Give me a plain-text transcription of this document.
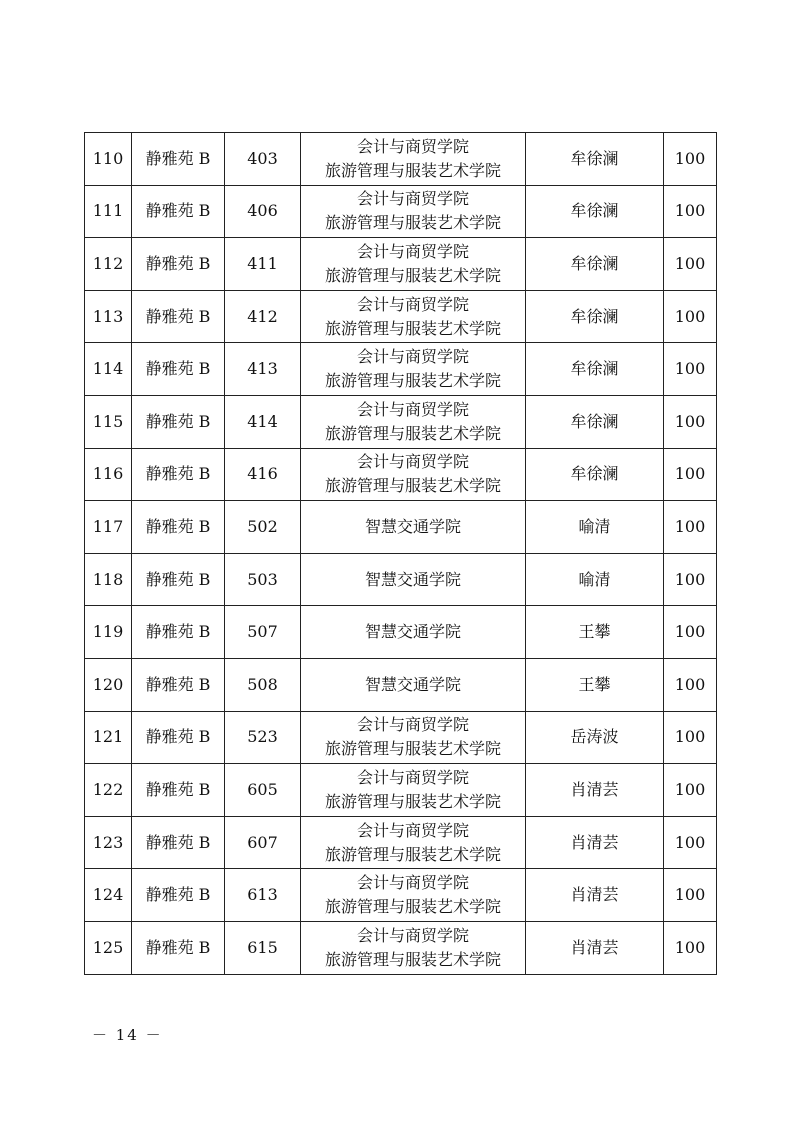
110	静雅苑 B	403	会计与商贸学院
旅游管理与服装艺术学院	牟徐澜	100
111	静雅苑 B	406	会计与商贸学院
旅游管理与服装艺术学院	牟徐澜	100
112	静雅苑 B	411	会计与商贸学院
旅游管理与服装艺术学院	牟徐澜	100
113	静雅苑 B	412	会计与商贸学院
旅游管理与服装艺术学院	牟徐澜	100
114	静雅苑 B	413	会计与商贸学院
旅游管理与服装艺术学院	牟徐澜	100
115	静雅苑 B	414	会计与商贸学院
旅游管理与服装艺术学院	牟徐澜	100
116	静雅苑 B	416	会计与商贸学院
旅游管理与服装艺术学院	牟徐澜	100
117	静雅苑 B	502	智慧交通学院	喻清	100
118	静雅苑 B	503	智慧交通学院	喻清	100
119	静雅苑 B	507	智慧交通学院	王攀	100
120	静雅苑 B	508	智慧交通学院	王攀	100
121	静雅苑 B	523	会计与商贸学院
旅游管理与服装艺术学院	岳涛波	100
122	静雅苑 B	605	会计与商贸学院
旅游管理与服装艺术学院	肖清芸	100
123	静雅苑 B	607	会计与商贸学院
旅游管理与服装艺术学院	肖清芸	100
124	静雅苑 B	613	会计与商贸学院
旅游管理与服装艺术学院	肖清芸	100
125	静雅苑 B	615	会计与商贸学院
旅游管理与服装艺术学院	肖清芸	100
－ 14 －
